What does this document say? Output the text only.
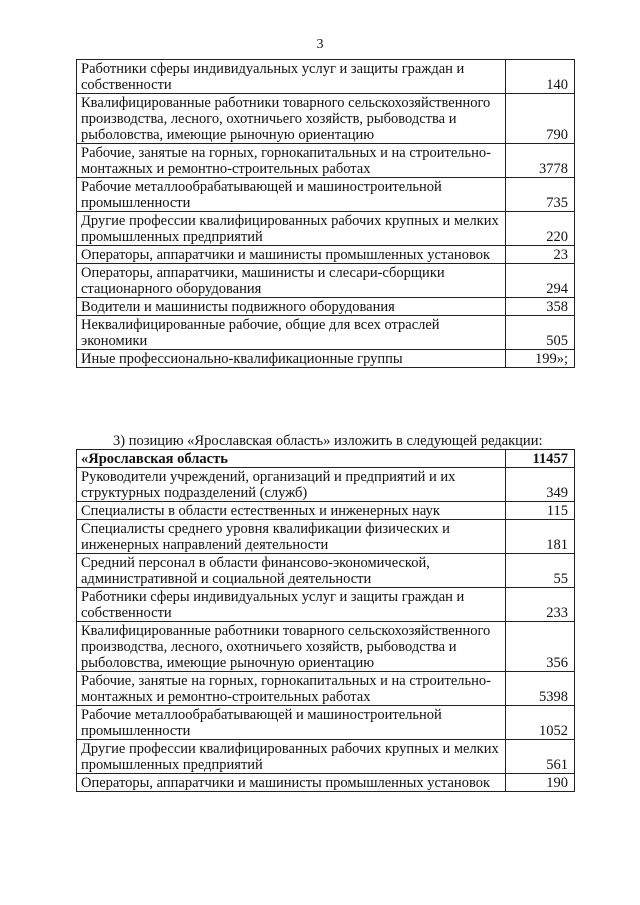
3
Работники сферы индивидуальных услуг и защиты граждан и собственности	140
Квалифицированные работники товарного сельскохозяйственного производства, лесного, охотничьего хозяйств, рыбоводства и рыболовства, имеющие рыночную ориентацию	790
Рабочие, занятые на горных, горнокапитальных и на строительно-монтажных и ремонтно-строительных работах	3778
Рабочие металлообрабатывающей и машиностроительной промышленности	735
Другие профессии квалифицированных рабочих крупных и мелких промышленных предприятий	220
Операторы, аппаратчики и машинисты промышленных установок	23
Операторы, аппаратчики, машинисты и слесари-сборщики стационарного оборудования	294
Водители и машинисты подвижного оборудования	358
Неквалифицированные рабочие, общие для всех отраслей экономики	505
Иные профессионально-квалификационные группы	199»;
3) позицию «Ярославская область» изложить в следующей редакции:
«Ярославская область	11457
Руководители учреждений, организаций и предприятий и их структурных подразделений (служб)	349
Специалисты в области естественных и инженерных наук	115
Специалисты среднего уровня квалификации физических и инженерных направлений деятельности	181
Средний персонал в области финансово-экономической, административной и социальной деятельности	55
Работники сферы индивидуальных услуг и защиты граждан и собственности	233
Квалифицированные работники товарного сельскохозяйственного производства, лесного, охотничьего хозяйств, рыбоводства и рыболовства, имеющие рыночную ориентацию	356
Рабочие, занятые на горных, горнокапитальных и на строительно-монтажных и ремонтно-строительных работах	5398
Рабочие металлообрабатывающей и машиностроительной промышленности	1052
Другие профессии квалифицированных рабочих крупных и мелких промышленных предприятий	561
Операторы, аппаратчики и машинисты промышленных установок	190
